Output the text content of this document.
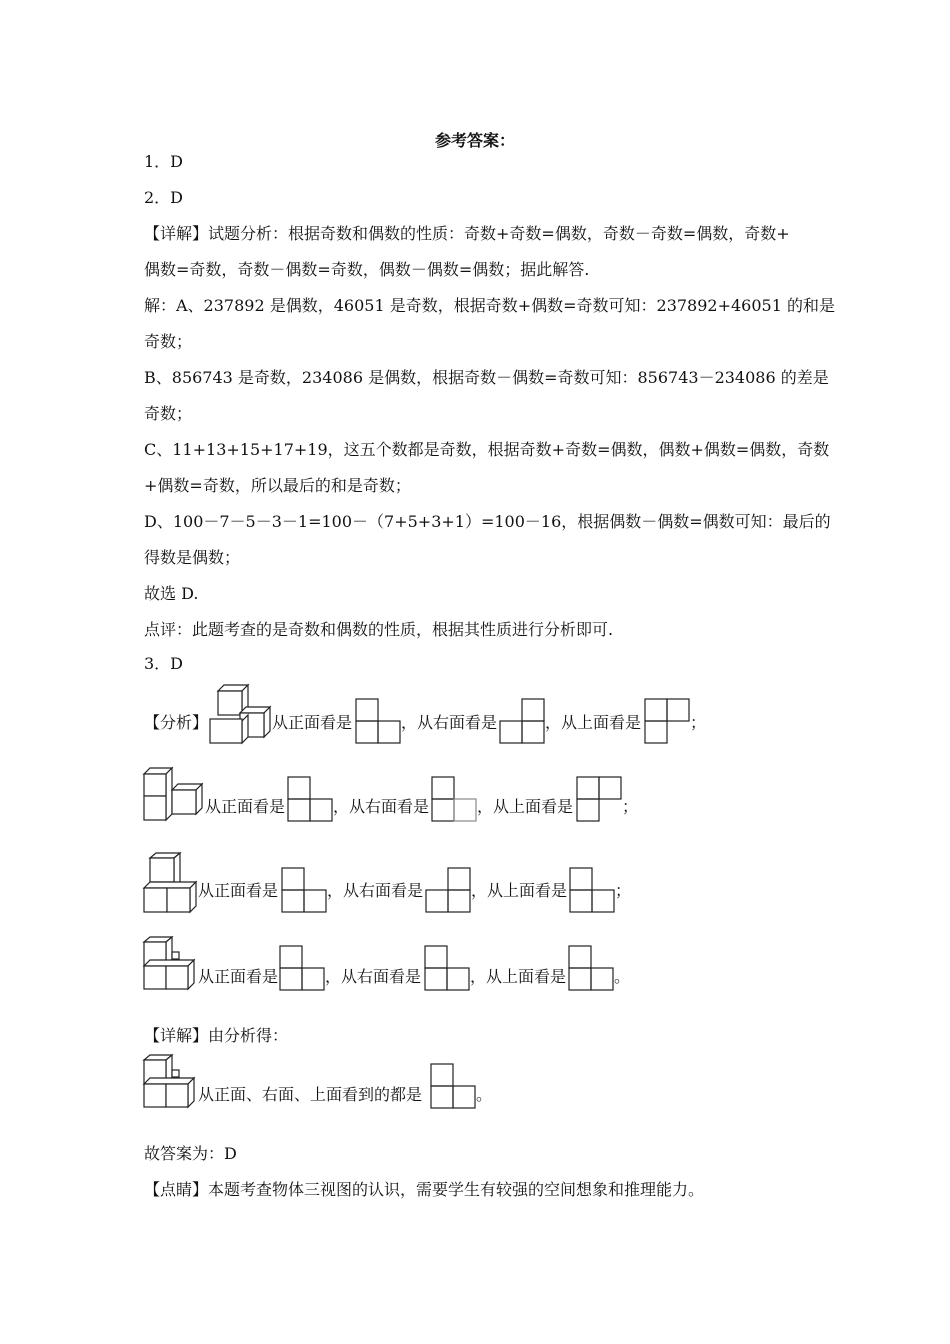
参考答案：
1．D
2．D
【详解】试题分析：根据奇数和偶数的性质：奇数+奇数=偶数，奇数－奇数=偶数，奇数+
偶数=奇数，奇数－偶数=奇数，偶数－偶数=偶数；据此解答.
解：A、237892 是偶数，46051 是奇数，根据奇数+偶数=奇数可知：237892+46051 的和是
奇数；
B、856743 是奇数，234086 是偶数，根据奇数－偶数=奇数可知：856743－234086 的差是
奇数；
C、11+13+15+17+19，这五个数都是奇数，根据奇数+奇数=偶数，偶数+偶数=偶数，奇数
+偶数=奇数，所以最后的和是奇数；
D、100－7－5－3－1=100－（7+5+3+1）=100－16，根据偶数－偶数=偶数可知：最后的
得数是偶数；
故选 D.
点评：此题考查的是奇数和偶数的性质，根据其性质进行分析即可.
3．D
【分析】	从正面看是	，从右面看是	，从上面看是	；
从正面看是	，从右面看是	，从上面看是	；
从正面看是	，从右面看是	，从上面看是	；
从正面看是	，从右面看是	，从上面看是	。
【详解】由分析得：
从正面、右面、上面看到的都是	。
故答案为：D
【点睛】本题考查物体三视图的认识，需要学生有较强的空间想象和推理能力。
